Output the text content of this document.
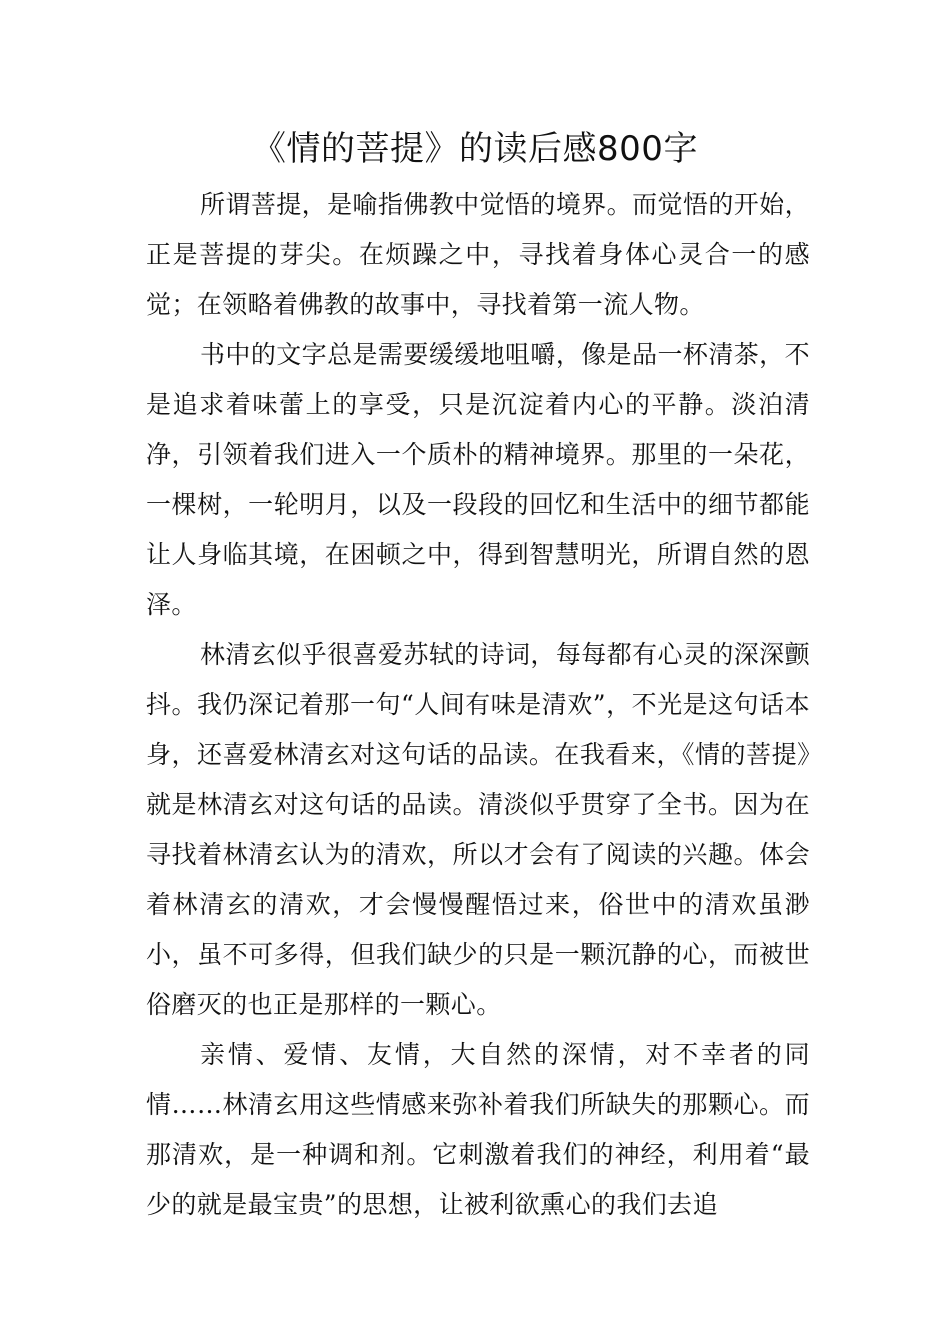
《情的菩提》的读后感800字

所谓菩提，是喻指佛教中觉悟的境界。而觉悟的开始，正是菩提的芽尖。在烦躁之中，寻找着身体心灵合一的感觉；在领略着佛教的故事中，寻找着第一流人物。

书中的文字总是需要缓缓地咀嚼，像是品一杯清茶，不是追求着味蕾上的享受，只是沉淀着内心的平静。淡泊清净，引领着我们进入一个质朴的精神境界。那里的一朵花，一棵树，一轮明月，以及一段段的回忆和生活中的细节都能让人身临其境，在困顿之中，得到智慧明光，所谓自然的恩泽。

林清玄似乎很喜爱苏轼的诗词，每每都有心灵的深深颤抖。我仍深记着那一句“人间有味是清欢”，不光是这句话本身，还喜爱林清玄对这句话的品读。在我看来，《情的菩提》就是林清玄对这句话的品读。清淡似乎贯穿了全书。因为在寻找着林清玄认为的清欢，所以才会有了阅读的兴趣。体会着林清玄的清欢，才会慢慢醒悟过来，俗世中的清欢虽渺小，虽不可多得，但我们缺少的只是一颗沉静的心，而被世俗磨灭的也正是那样的一颗心。

亲情、爱情、友情，大自然的深情，对不幸者的同情……林清玄用这些情感来弥补着我们所缺失的那颗心。而那清欢，是一种调和剂。它刺激着我们的神经，利用着“最少的就是最宝贵”的思想，让被利欲熏心的我们去追
